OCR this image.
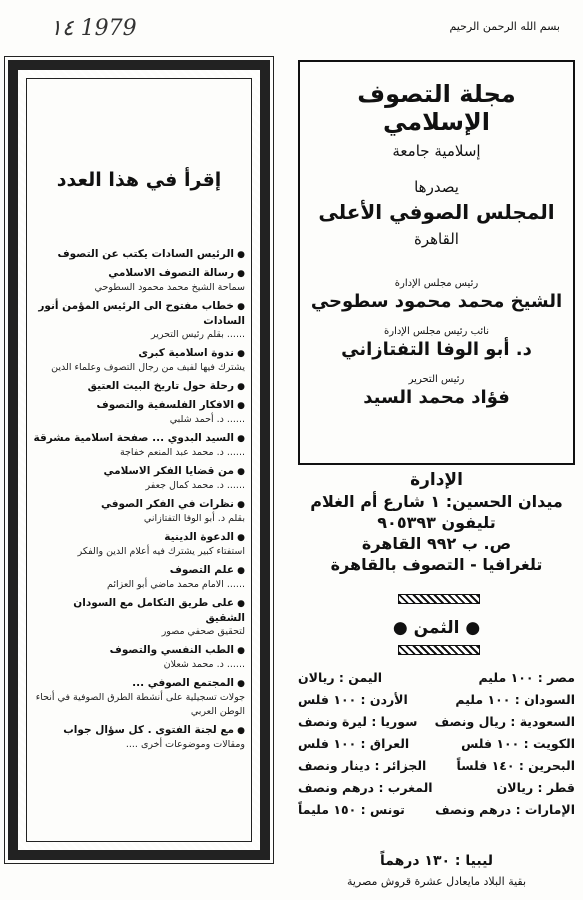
١٤ 1979	بسم الله الرحمن الرحيم
إقرأ في هذا العدد
● الرئيس السادات يكتب عن التصوف
● رسالة التصوف الاسلامي
سماحة الشيخ محمد محمود السطوحي
● خطاب مفتوح الى الرئيس المؤمن أنور السادات
...... بقلم رئيس التحرير
● ندوة اسلامية كبرى
يشترك فيها لفيف من رجال التصوف وعلماء الدين
● رحلة حول تاريخ البيت العتيق
● الافكار الفلسفية والتصوف
...... د. أحمد شلبي
● السيد البدوي ... صفحة اسلامية مشرقة
...... د. محمد عبد المنعم خفاجة
● من قضايا الفكر الاسلامي
...... د. محمد كمال جعفر
● نظرات في الفكر الصوفي
بقلم د. أبو الوفا التفتازاني
● الدعوة الدينية
استفتاء كبير يشترك فيه أعلام الدين والفكر
● علم التصوف
...... الامام محمد ماضي أبو العزائم
● على طريق التكامل مع السودان الشقيق
لتحقيق صحفي مصور
● الطب النفسي والتصوف
...... د. محمد شعلان
● المجتمع الصوفي ...
جولات تسجيلية على أنشطة الطرق الصوفية في أنحاء الوطن العربي
● مع لجنة الفتوى . كل سؤال جواب
ومقالات وموضوعات أخرى ....
مجلة التصوف الإسلامي
إسلامية جامعة
يصدرها
المجلس الصوفي الأعلى
القاهرة
رئيس مجلس الإدارة
الشيخ محمد محمود سطوحي
نائب رئيس مجلس الإدارة
د. أبو الوفا التفتازاني
رئيس التحرير
فؤاد محمد السيد
الإدارة
ميدان الحسين: ١ شارع أم الغلام
تليفون ٩٠٥٣٩٣
ص. ب ٩٩٢ القاهرة
تلغرافيا - التصوف بالقاهرة
● الثمن ●
مصر : ١٠٠ مليم
اليمن : ريالان
السودان : ١٠٠ مليم
الأردن : ١٠٠ فلس
السعودية : ريال ونصف
سوريا : ليرة ونصف
الكويت : ١٠٠ فلس
العراق : ١٠٠ فلس
البحرين : ١٤٠ فلساً
الجزائر : دينار ونصف
قطر : ريالان
المغرب : درهم ونصف
الإمارات : درهم ونصف
تونس : ١٥٠ مليماً
ليبيا : ١٣٠ درهماً
بقية البلاد مايعادل عشرة قروش مصرية
